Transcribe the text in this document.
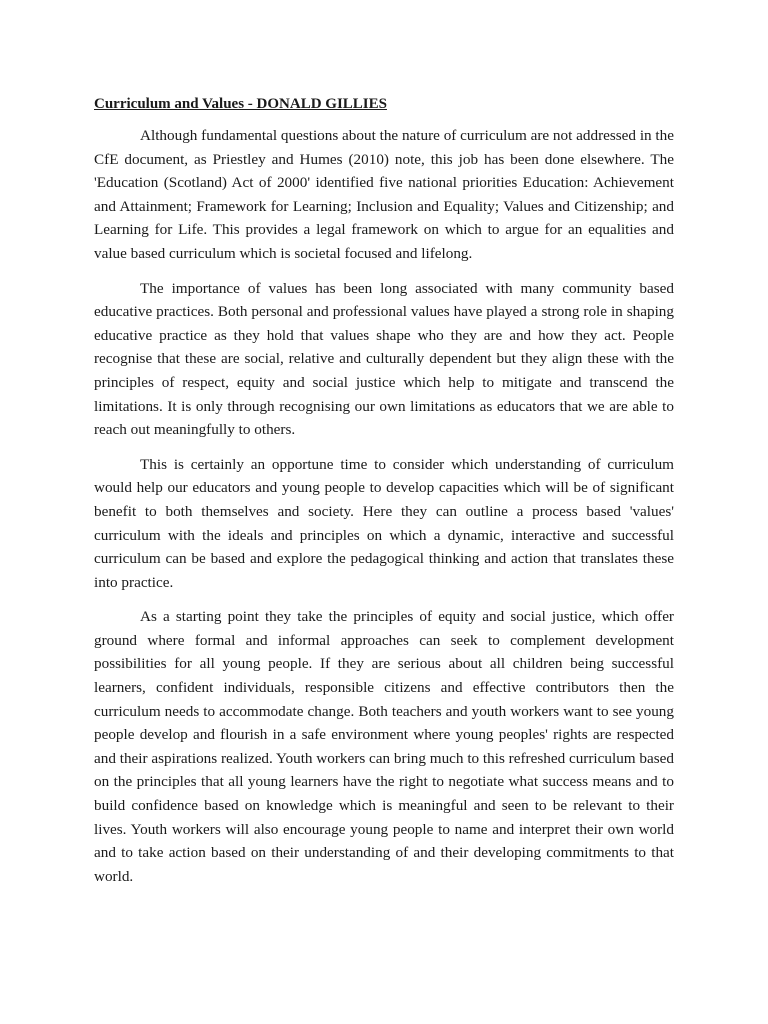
Curriculum and Values - DONALD GILLIES

Although fundamental questions about the nature of curriculum are not addressed in the CfE document, as Priestley and Humes (2010) note, this job has been done elsewhere. The 'Education (Scotland) Act of 2000' identified five national priorities Education: Achievement and Attainment; Framework for Learning; Inclusion and Equality; Values and Citizenship; and Learning for Life. This provides a legal framework on which to argue for an equalities and value based curriculum which is societal focused and lifelong.

The importance of values has been long associated with many community based educative practices. Both personal and professional values have played a strong role in shaping educative practice as they hold that values shape who they are and how they act. People recognise that these are social, relative and culturally dependent but they align these with the principles of respect, equity and social justice which help to mitigate and transcend the limitations. It is only through recognising our own limitations as educators that we are able to reach out meaningfully to others.

This is certainly an opportune time to consider which understanding of curriculum would help our educators and young people to develop capacities which will be of significant benefit to both themselves and society. Here they can outline a process based 'values' curriculum with the ideals and principles on which a dynamic, interactive and successful curriculum can be based and explore the pedagogical thinking and action that translates these into practice.

As a starting point they take the principles of equity and social justice, which offer ground where formal and informal approaches can seek to complement development possibilities for all young people. If they are serious about all children being successful learners, confident individuals, responsible citizens and effective contributors then the curriculum needs to accommodate change. Both teachers and youth workers want to see young people develop and flourish in a safe environment where young peoples' rights are respected and their aspirations realized. Youth workers can bring much to this refreshed curriculum based on the principles that all young learners have the right to negotiate what success means and to build confidence based on knowledge which is meaningful and seen to be relevant to their lives. Youth workers will also encourage young people to name and interpret their own world and to take action based on their understanding of and their developing commitments to that world.
